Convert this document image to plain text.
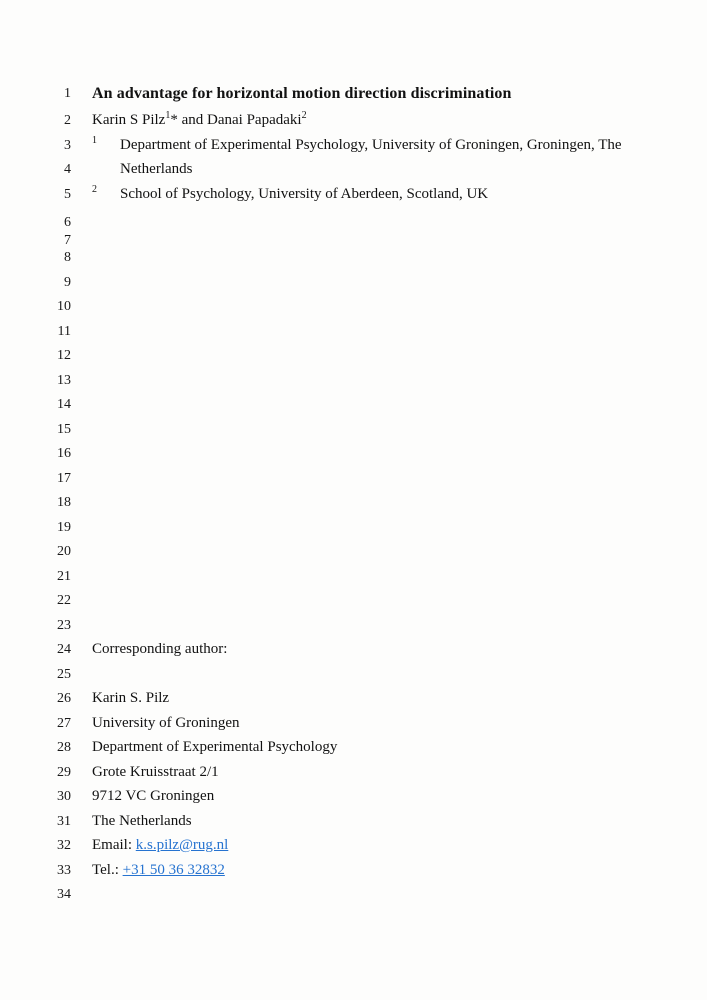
1 An advantage for horizontal motion direction discrimination
2 Karin S Pilz$^1$* and Danai Papadaki$^2$
3 $^1$ Department of Experimental Psychology, University of Groningen, Groningen, The
4	Netherlands
5 $^2$ School of Psychology, University of Aberdeen, Scotland, UK
6
7
8
9
10
11
12
13
14
15
16
17
18
19
20
21
22
23
24 Corresponding author:
25
26 Karin S. Pilz
27 University of Groningen
28 Department of Experimental Psychology
29 Grote Kruisstraat 2/1
30 9712 VC Groningen
31 The Netherlands
32 Email: k.s.pilz@rug.nl
33 Tel.: +31 50 36 32832
34
